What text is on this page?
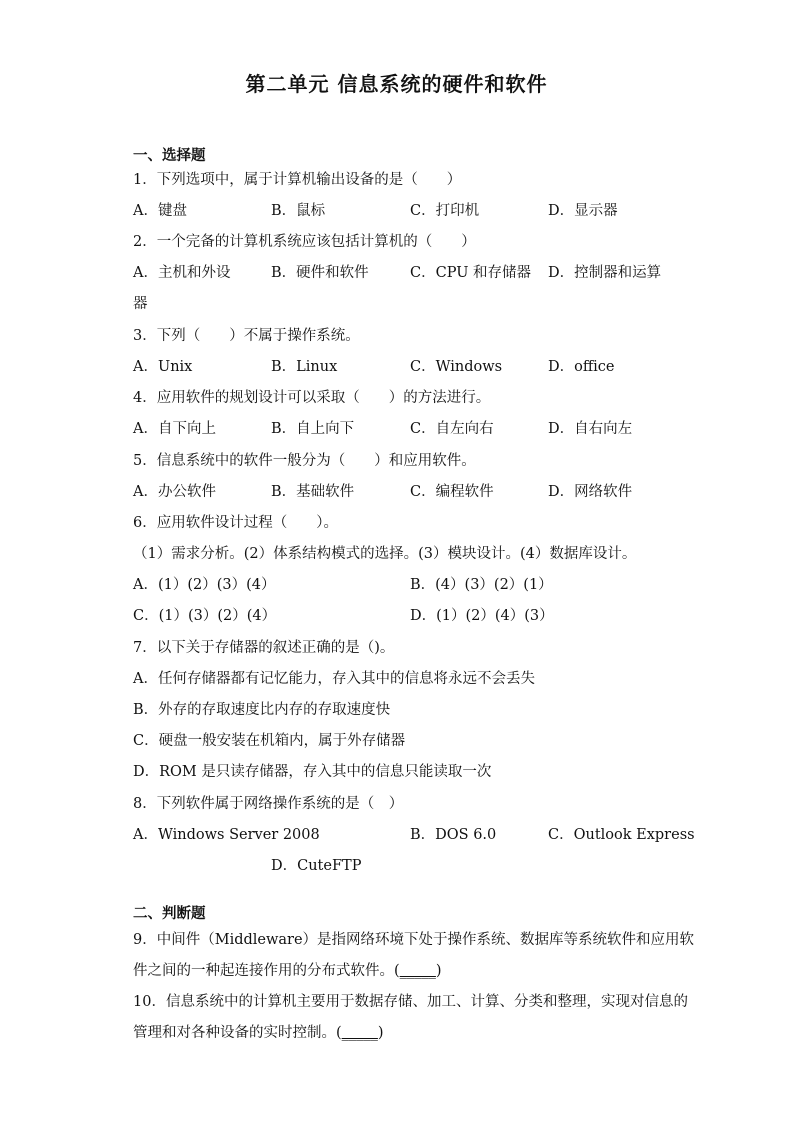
第二单元 信息系统的硬件和软件
一、选择题
1．下列选项中，属于计算机输出设备的是（　　）
A．键盘	B．鼠标	C．打印机	D．显示器
2．一个完备的计算机系统应该包括计算机的（　　）
A．主机和外设	B．硬件和软件	C．CPU 和存储器 D．控制器和运算
器
3．下列（　　）不属于操作系统。
A．Unix	B．Linux	C．Windows	D．office
4．应用软件的规划设计可以采取（　　）的方法进行。
A．自下向上	B．自上向下	C．自左向右	D．自右向左
5．信息系统中的软件一般分为（　　）和应用软件。
A．办公软件	B．基础软件	C．编程软件	D．网络软件
6．应用软件设计过程（　　）。
（1）需求分析。(2）体系结构模式的选择。(3）模块设计。(4）数据库设计。
A．(1）(2）(3）(4）	B．(4）(3）(2）(1）
C．(1）(3）(2）(4）	D．(1）(2）(4）(3）
7．以下关于存储器的叙述正确的是（)。
A．任何存储器都有记忆能力，存入其中的信息将永远不会丢失
B．外存的存取速度比内存的存取速度快
C．硬盘一般安装在机箱内，属于外存储器
D．ROM 是只读存储器，存入其中的信息只能读取一次
8．下列软件属于网络操作系统的是（　）
A．Windows Server 2008	B．DOS 6.0	C．Outlook Express
D．CuteFTP
二、判断题
9．中间件（Middleware）是指网络环境下处于操作系统、数据库等系统软件和应用软
件之间的一种起连接作用的分布式软件。(_____)
10．信息系统中的计算机主要用于数据存储、加工、计算、分类和整理，实现对信息的
管理和对各种设备的实时控制。(_____)
